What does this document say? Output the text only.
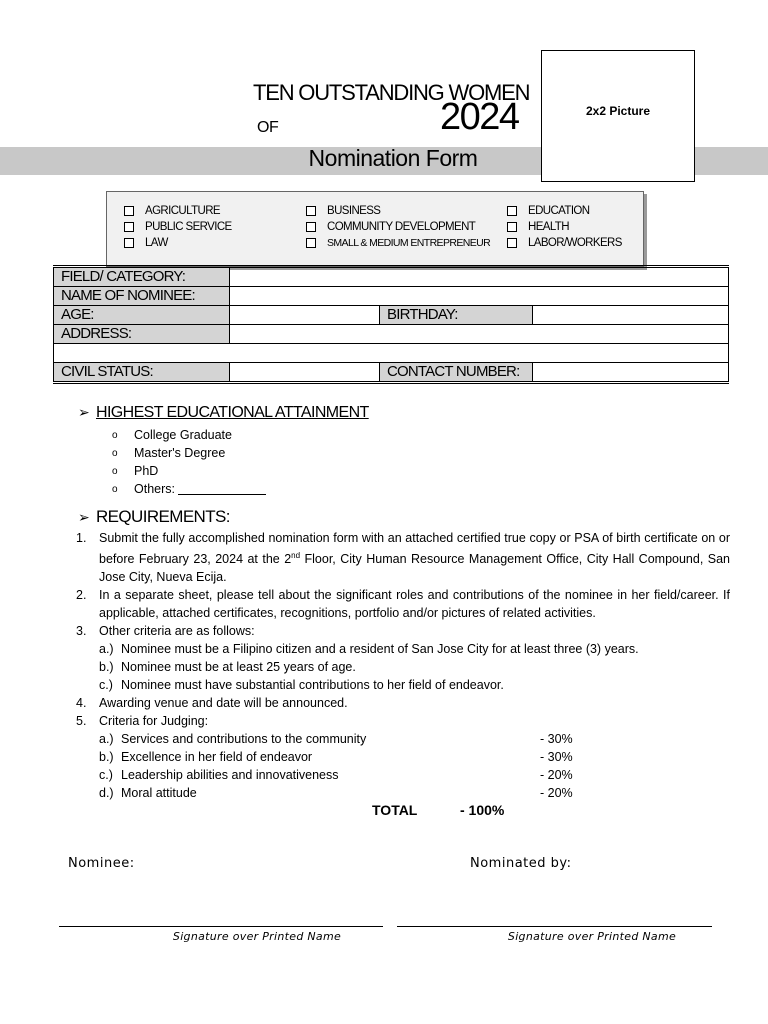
TEN OUTSTANDING WOMEN
OF	2024
Nomination Form
2x2 Picture
AGRICULTURE
PUBLIC SERVICE
LAW
BUSINESS
COMMUNITY DEVELOPMENT
SMALL & MEDIUM ENTREPRENEUR
EDUCATION
HEALTH
LABOR/WORKERS
FIELD/ CATEGORY:			
NAME OF NOMINEE:			
AGE:		BIRTHDAY:	
ADDRESS:			

CIVIL STATUS:		CONTACT NUMBER:	
➢ HIGHEST EDUCATIONAL ATTAINMENT
o	College Graduate
o	Master's Degree
o	PhD
o	Others:
➢ REQUIREMENTS:
1.	Submit the fully accomplished nomination form with an attached certified true copy or PSA of birth certificate on or before February 23, 2024 at the 2nd Floor, City Human Resource Management Office, City Hall Compound, San Jose City, Nueva Ecija.
2.	In a separate sheet, please tell about the significant roles and contributions of the nominee in her field/career. If applicable, attached certificates, recognitions, portfolio and/or pictures of related activities.
3.	Other criteria are as follows:
a.) Nominee must be a Filipino citizen and a resident of San Jose City for at least three (3) years.
b.) Nominee must be at least 25 years of age.
c.) Nominee must have substantial contributions to her field of endeavor.
4.	Awarding venue and date will be announced.
5.	Criteria for Judging:
a.) Services and contributions to the community	- 30%
b.) Excellence in her field of endeavor	- 30%
c.) Leadership abilities and innovativeness	- 20%
d.) Moral attitude	- 20%
TOTAL	- 100%
Nominee:	Nominated by:
Signature over Printed Name	Signature over Printed Name
